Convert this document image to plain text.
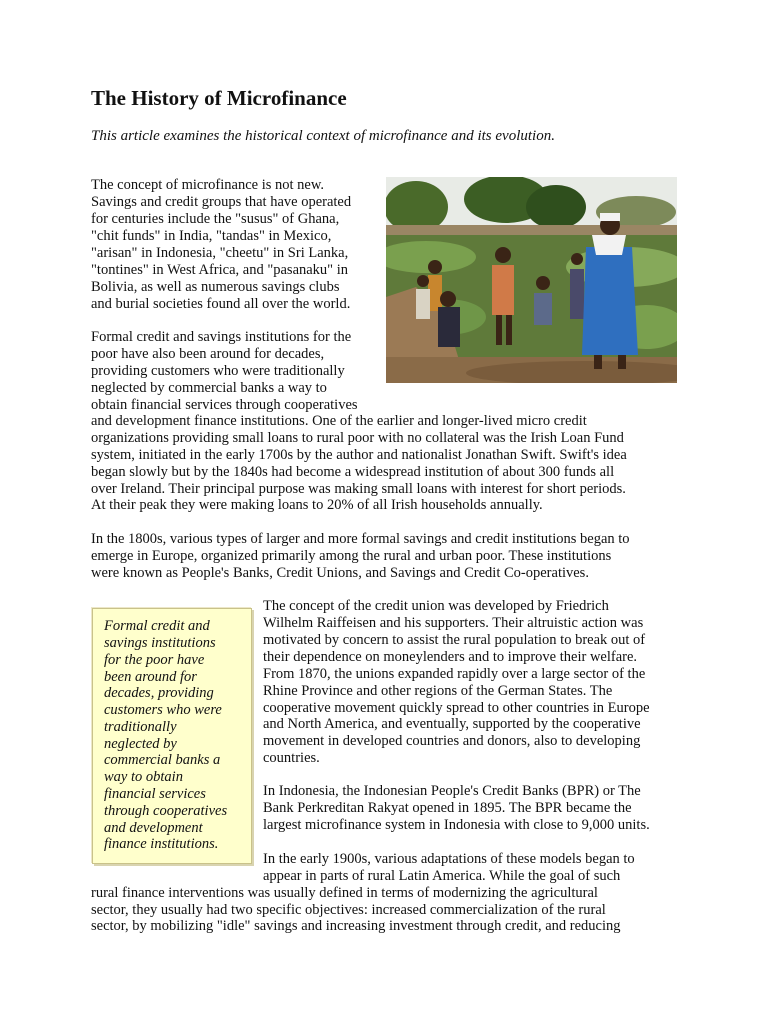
The History of Microfinance

This article examines the historical context of microfinance and its evolution.

The concept of microfinance is not new.

Savings and credit groups that have operated

for centuries include the "susus" of Ghana,

"chit funds" in India, "tandas" in Mexico,

"arisan" in Indonesia, "cheetu" in Sri Lanka,

"tontines" in West Africa, and "pasanaku" in

Bolivia, as well as numerous savings clubs

and burial societies found all over the world.

Formal credit and savings institutions for the

poor have also been around for decades,

providing customers who were traditionally

neglected by commercial banks a way to

obtain financial services through cooperatives

and development finance institutions. One of the earlier and longer-lived micro credit

organizations providing small loans to rural poor with no collateral was the Irish Loan Fund

system, initiated in the early 1700s by the author and nationalist Jonathan Swift. Swift's idea

began slowly but by the 1840s had become a widespread institution of about 300 funds all

over Ireland. Their principal purpose was making small loans with interest for short periods.

At their peak they were making loans to 20% of all Irish households annually.

In the 1800s, various types of larger and more formal savings and credit institutions began to

emerge in Europe, organized primarily among the rural and urban poor. These institutions

were known as People's Banks, Credit Unions, and Savings and Credit Co-operatives.

Formal credit and

savings institutions

for the poor have

been around for

decades, providing

customers who were

traditionally

neglected by

commercial banks a

way to obtain

financial services

through cooperatives

and development

finance institutions.

The concept of the credit union was developed by Friedrich

Wilhelm Raiffeisen and his supporters. Their altruistic action was

motivated by concern to assist the rural population to break out of

their dependence on moneylenders and to improve their welfare.

From 1870, the unions expanded rapidly over a large sector of the

Rhine Province and other regions of the German States. The

cooperative movement quickly spread to other countries in Europe

and North America, and eventually, supported by the cooperative

movement in developed countries and donors, also to developing

countries.

In Indonesia, the Indonesian People's Credit Banks (BPR) or The

Bank Perkreditan Rakyat opened in 1895. The BPR became the

largest microfinance system in Indonesia with close to 9,000 units.

In the early 1900s, various adaptations of these models began to

appear in parts of rural Latin America. While the goal of such

rural finance interventions was usually defined in terms of modernizing the agricultural

sector, they usually had two specific objectives: increased commercialization of the rural

sector, by mobilizing "idle" savings and increasing investment through credit, and reducing
